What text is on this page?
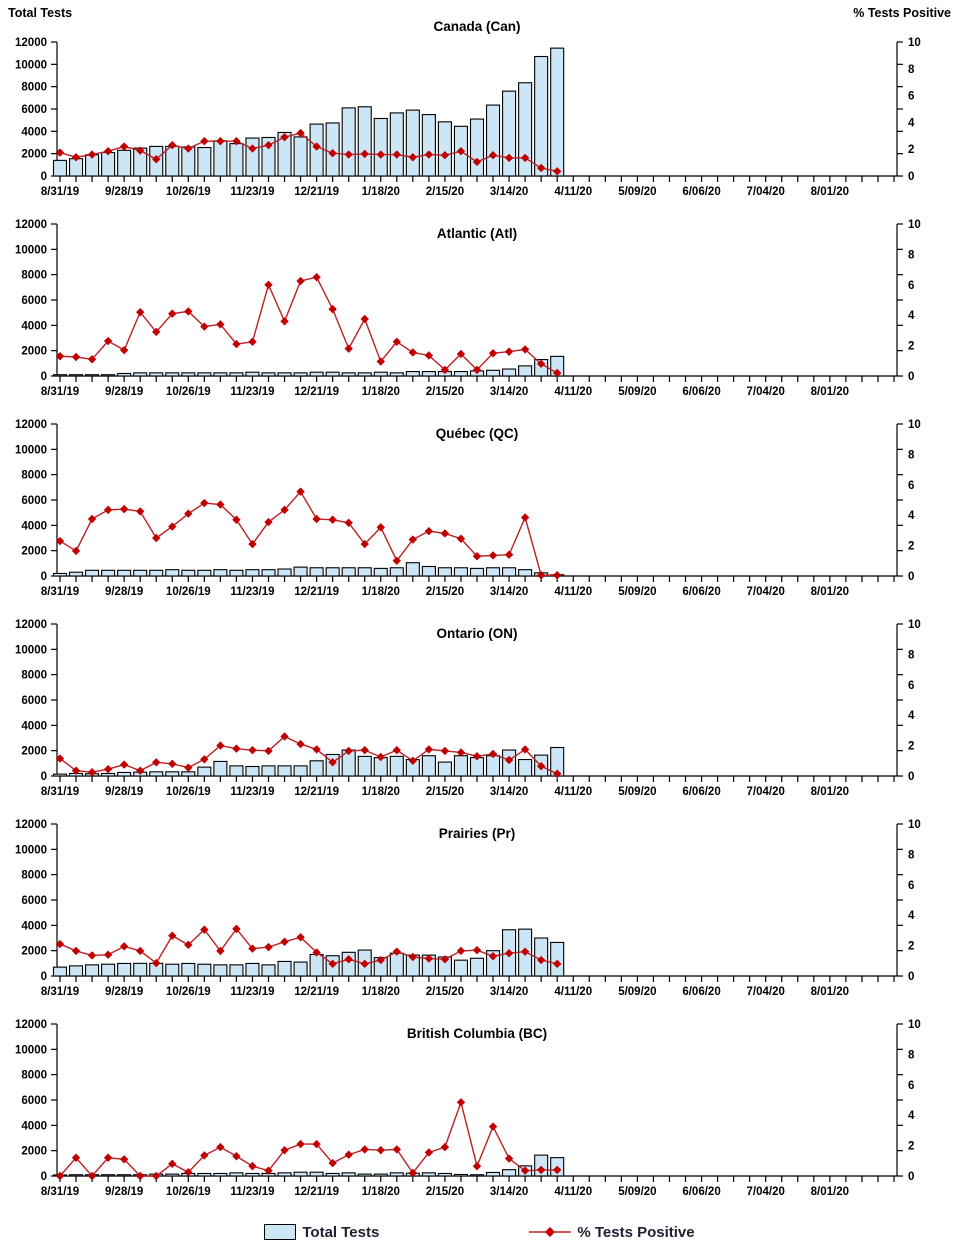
0
2000
4000
6000
8000
10000
12000
0
2
4
6
8
10
8/31/19 9/28/19 10/26/19 11/23/19 12/21/19 1/18/20 2/15/20 3/14/20 4/11/20 5/09/20 6/06/20 7/04/20 8/01/20
Canada (Can)
Total Tests	% Tests Positive
0
2000
4000
6000
8000
10000
12000
0
2
4
6
8
10
8/31/19 9/28/19 10/26/19 11/23/19 12/21/19 1/18/20 2/15/20 3/14/20 4/11/20 5/09/20 6/06/20 7/04/20 8/01/20
Atlantic (Atl)
0
2000
4000
6000
8000
10000
12000
0
2
4
6
8
10
8/31/19 9/28/19 10/26/19 11/23/19 12/21/19 1/18/20 2/15/20 3/14/20 4/11/20 5/09/20 6/06/20 7/04/20 8/01/20
Québec (QC)
0
2000
4000
6000
8000
10000
12000
0
2
4
6
8
10
8/31/19 9/28/19 10/26/19 11/23/19 12/21/19 1/18/20 2/15/20 3/14/20 4/11/20 5/09/20 6/06/20 7/04/20 8/01/20
Ontario (ON)
0
2000
4000
6000
8000
10000
12000
0
2
4
6
8
10
8/31/19 9/28/19 10/26/19 11/23/19 12/21/19 1/18/20 2/15/20 3/14/20 4/11/20 5/09/20 6/06/20 7/04/20 8/01/20
Prairies (Pr)
0
2000
4000
6000
8000
10000
12000
0
2
4
6
8
10
8/31/19 9/28/19 10/26/19 11/23/19 12/21/19 1/18/20 2/15/20 3/14/20 4/11/20 5/09/20 6/06/20 7/04/20 8/01/20
British Columbia (BC)
Total Tests	% Tests Positive
